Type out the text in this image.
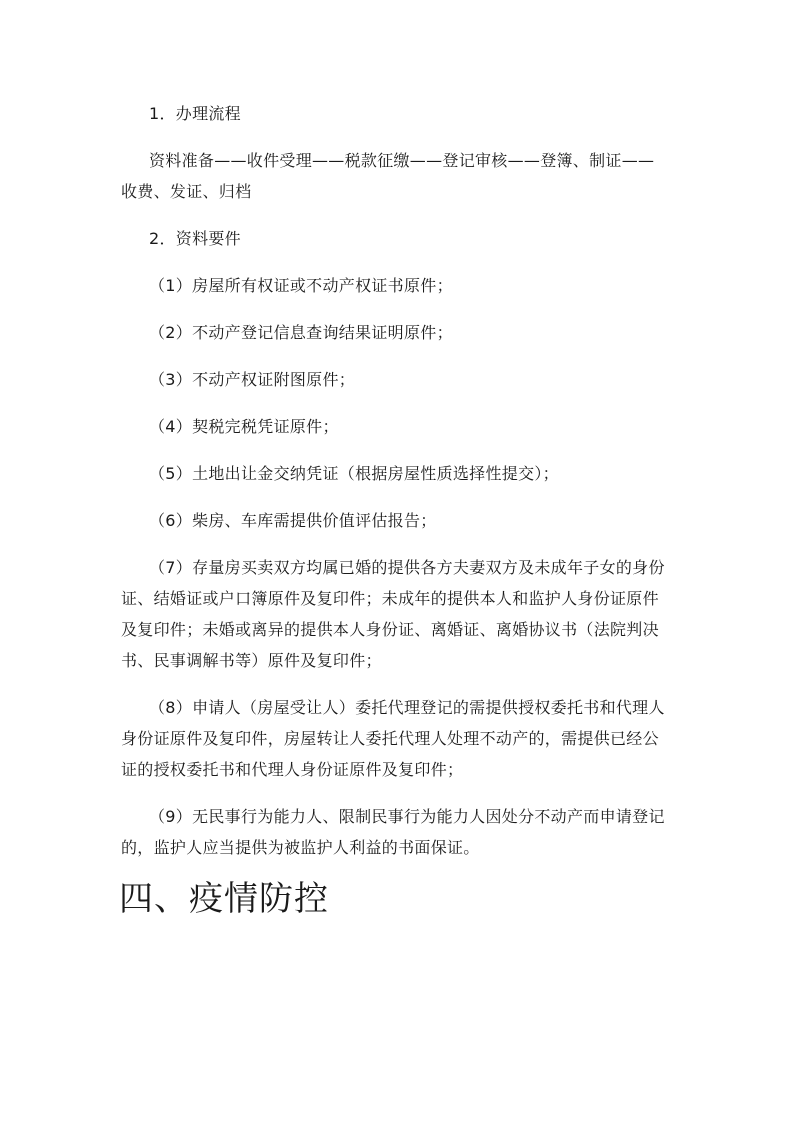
1．办理流程

资料准备——收件受理——税款征缴——登记审核——登簿、制证——收费、发证、归档

2．资料要件

（1）房屋所有权证或不动产权证书原件；

（2）不动产登记信息查询结果证明原件；

（3）不动产权证附图原件；

（4）契税完税凭证原件；

（5）土地出让金交纳凭证（根据房屋性质选择性提交）；

（6）柴房、车库需提供价值评估报告；

（7）存量房买卖双方均属已婚的提供各方夫妻双方及未成年子女的身份证、结婚证或户口簿原件及复印件；未成年的提供本人和监护人身份证原件及复印件；未婚或离异的提供本人身份证、离婚证、离婚协议书（法院判决书、民事调解书等）原件及复印件；

（8）申请人（房屋受让人）委托代理登记的需提供授权委托书和代理人身份证原件及复印件，房屋转让人委托代理人处理不动产的，需提供已经公证的授权委托书和代理人身份证原件及复印件；

（9）无民事行为能力人、限制民事行为能力人因处分不动产而申请登记的，监护人应当提供为被监护人利益的书面保证。

四、疫情防控
